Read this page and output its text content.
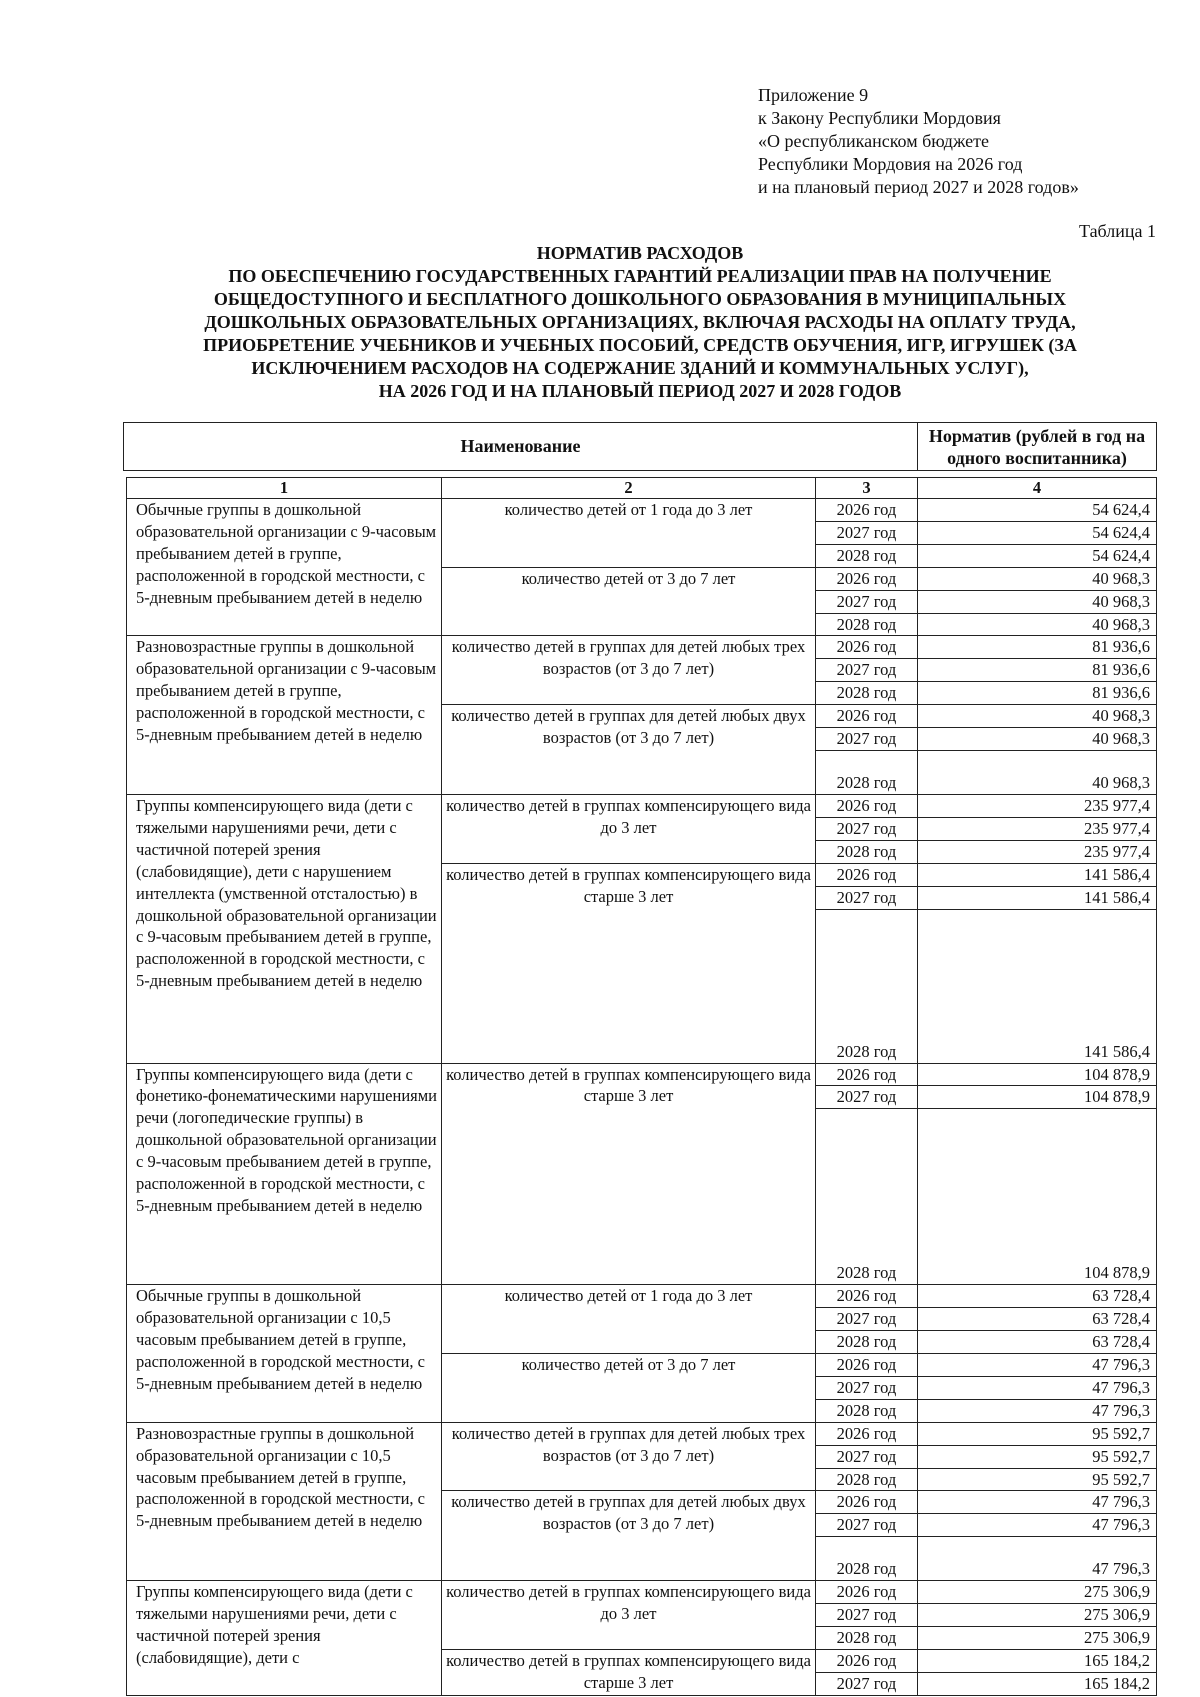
Приложение 9
к Закону Республики Мордовия
«О республиканском бюджете
Республики Мордовия на 2026 год
и на плановый период 2027 и 2028 годов»
Таблица 1
НОРМАТИВ РАСХОДОВ
ПО ОБЕСПЕЧЕНИЮ ГОСУДАРСТВЕННЫХ ГАРАНТИЙ РЕАЛИЗАЦИИ ПРАВ НА ПОЛУЧЕНИЕ
ОБЩЕДОСТУПНОГО И БЕСПЛАТНОГО ДОШКОЛЬНОГО ОБРАЗОВАНИЯ В МУНИЦИПАЛЬНЫХ
ДОШКОЛЬНЫХ ОБРАЗОВАТЕЛЬНЫХ ОРГАНИЗАЦИЯХ, ВКЛЮЧАЯ РАСХОДЫ НА ОПЛАТУ ТРУДА,
ПРИОБРЕТЕНИЕ УЧЕБНИКОВ И УЧЕБНЫХ ПОСОБИЙ, СРЕДСТВ ОБУЧЕНИЯ, ИГР, ИГРУШЕК (ЗА
ИСКЛЮЧЕНИЕМ РАСХОДОВ НА СОДЕРЖАНИЕ ЗДАНИЙ И КОММУНАЛЬНЫХ УСЛУГ),
НА 2026 ГОД И НА ПЛАНОВЫЙ ПЕРИОД 2027 И 2028 ГОДОВ
Наименование	Норматив (рублей в год на одного воспитанника)
1	2	3	4
Обычные группы в дошкольной образовательной организации с 9-часовым пребыванием детей в группе, расположенной в городской местности, с 5-дневным пребыванием детей в неделю	количество детей от 1 года до 3 лет	2026 год	54 624,4
		2027 год	54 624,4
		2028 год	54 624,4
	количество детей от 3 до 7 лет	2026 год	40 968,3
		2027 год	40 968,3
		2028 год	40 968,3
Разновозрастные группы в дошкольной образовательной организации с 9-часовым пребыванием детей в группе, расположенной в городской местности, с 5-дневным пребыванием детей в неделю	количество детей в группах для детей любых трех возрастов (от 3 до 7 лет)	2026 год	81 936,6
		2027 год	81 936,6
		2028 год	81 936,6
	количество детей в группах для детей любых двух возрастов (от 3 до 7 лет)	2026 год	40 968,3
		2027 год	40 968,3
		2028 год	40 968,3

Группы компенсирующего вида (дети с тяжелыми нарушениями речи, дети с частичной потерей зрения (слабовидящие), дети с нарушением интеллекта (умственной отсталостью) в дошкольной образовательной организации с 9-часовым пребыванием детей в группе, расположенной в городской местности, с 5-дневным пребыванием детей в неделю	количество детей в группах компенсирующего вида до 3 лет	2026 год	235 977,4
		2027 год	235 977,4
		2028 год	235 977,4
	количество детей в группах компенсирующего вида старше 3 лет	2026 год	141 586,4
		2027 год	141 586,4
		2028 год	141 586,4

Группы компенсирующего вида (дети с фонетико-фонематическими нарушениями речи (логопедические группы) в дошкольной образовательной организации с 9-часовым пребыванием детей в группе, расположенной в городской местности, с 5-дневным пребыванием детей в неделю	количество детей в группах компенсирующего вида старше 3 лет	2026 год	104 878,9
		2027 год	104 878,9
		2028 год	104 878,9

Обычные группы в дошкольной образовательной организации с 10,5 часовым пребыванием детей в группе, расположенной в городской местности, с 5-дневным пребыванием детей в неделю	количество детей от 1 года до 3 лет	2026 год	63 728,4
		2027 год	63 728,4
		2028 год	63 728,4
	количество детей от 3 до 7 лет	2026 год	47 796,3
		2027 год	47 796,3
		2028 год	47 796,3
Разновозрастные группы в дошкольной образовательной организации с 10,5 часовым пребыванием детей в группе, расположенной в городской местности, с 5-дневным пребыванием детей в неделю	количество детей в группах для детей любых трех возрастов (от 3 до 7 лет)	2026 год	95 592,7
		2027 год	95 592,7
		2028 год	95 592,7
	количество детей в группах для детей любых двух возрастов (от 3 до 7 лет)	2026 год	47 796,3
		2027 год	47 796,3
		2028 год	47 796,3

Группы компенсирующего вида (дети с тяжелыми нарушениями речи, дети с частичной потерей зрения (слабовидящие), дети с	количество детей в группах компенсирующего вида до 3 лет	2026 год	275 306,9
		2027 год	275 306,9
		2028 год	275 306,9
	количество детей в группах компенсирующего вида старше 3 лет	2026 год	165 184,2
		2027 год	165 184,2
